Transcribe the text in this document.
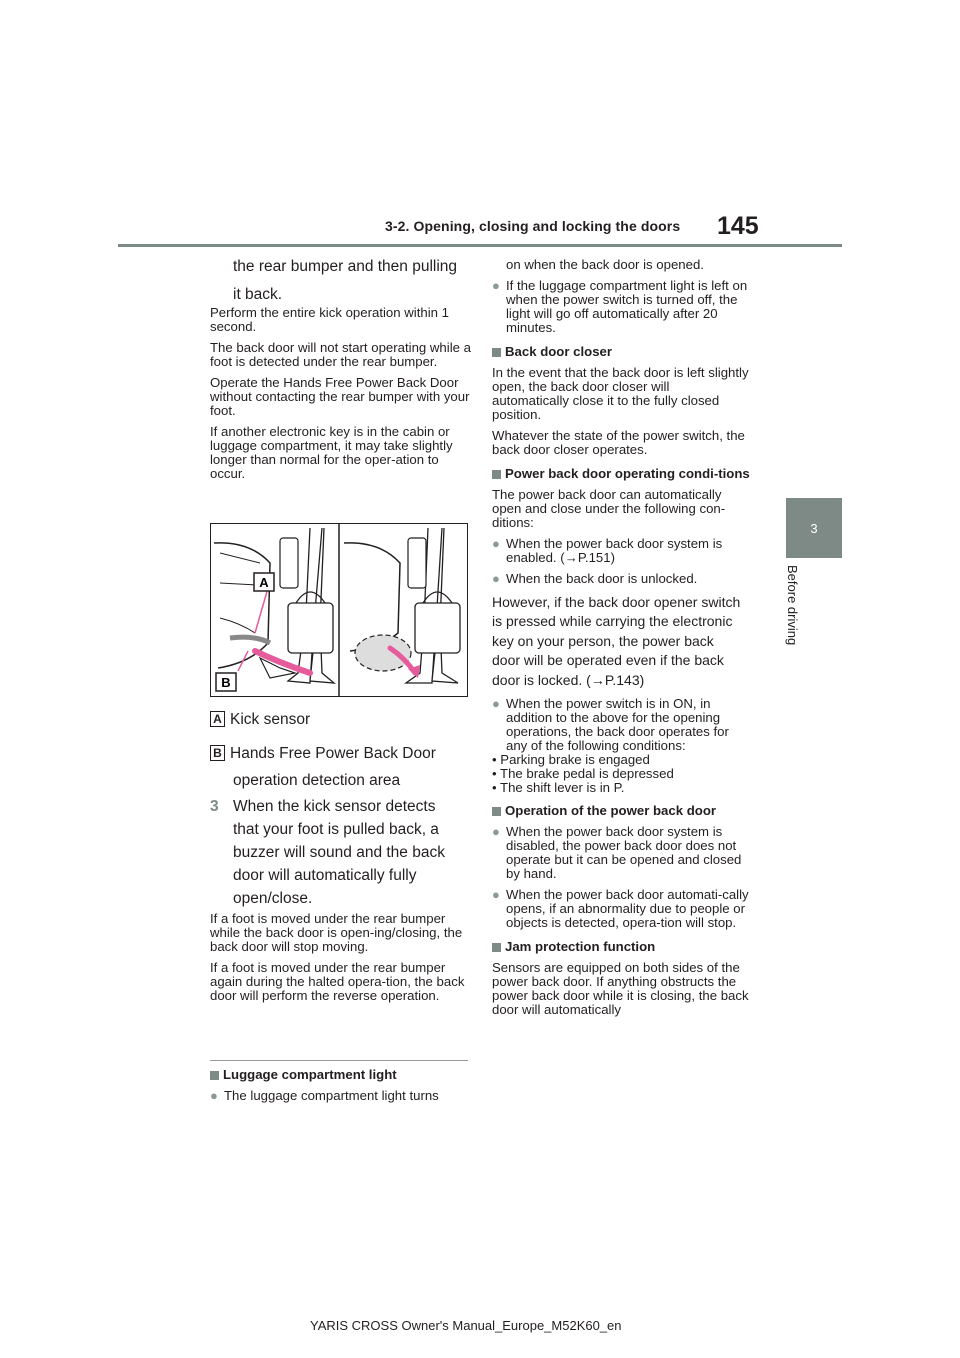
3-2. Opening, closing and locking the doors 145
3
Before driving
the rear bumper and then pulling
it back.

Perform the entire kick operation within 1 second.

The back door will not start operating while a foot is detected under the rear bumper.

Operate the Hands Free Power Back Door without contacting the rear bumper with your foot.

If another electronic key is in the cabin or luggage compartment, it may take slightly longer than normal for the oper-ation to occur.

A
B
A Kick sensor
B Hands Free Power Back Door
operation detection area
3 When the kick sensor detects
that your foot is pulled back, a
buzzer will sound and the back
door will automatically fully
open/close.

If a foot is moved under the rear bumper while the back door is open-ing/closing, the back door will stop moving.

If a foot is moved under the rear bumper again during the halted opera-tion, the back door will perform the reverse operation.

Luggage compartment light

● The luggage compartment light turns

on when the back door is opened.

● If the luggage compartment light is left on when the power switch is turned off, the light will go off automatically after 20 minutes.

Back door closer

In the event that the back door is left slightly open, the back door closer will automatically close it to the fully closed position.

Whatever the state of the power switch, the back door closer operates.

Power back door operating condi-tions

The power back door can automatically open and close under the following con-ditions:

● When the power back door system is enabled. (→P.151)

● When the back door is unlocked.

However, if the back door opener switch
is pressed while carrying the electronic
key on your person, the power back
door will be operated even if the back
door is locked. (→P.143)

● When the power switch is in ON, in addition to the above for the opening operations, the back door operates for any of the following conditions:

• Parking brake is engaged
• The brake pedal is depressed
• The shift lever is in P.

Operation of the power back door

● When the power back door system is disabled, the power back door does not operate but it can be opened and closed by hand.

● When the power back door automati-cally opens, if an abnormality due to people or objects is detected, opera-tion will stop.

Jam protection function

Sensors are equipped on both sides of the power back door. If anything obstructs the power back door while it is closing, the back door will automatically

YARIS CROSS Owner's Manual_Europe_M52K60_en
